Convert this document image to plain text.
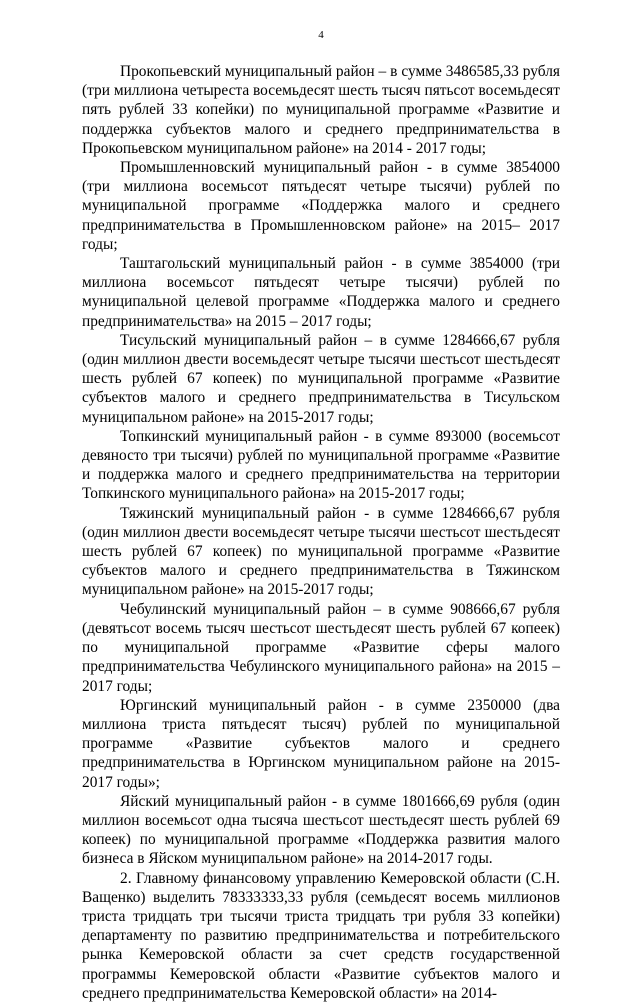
4

Прокопьевский муниципальный район – в сумме 3486585,33 рубля (три миллиона четыреста восемьдесят шесть тысяч пятьсот восемьдесят пять рублей 33 копейки) по муниципальной программе «Развитие и поддержка субъектов малого и среднего предпринимательства в Прокопьевском муниципальном районе» на 2014 - 2017 годы;

Промышленновский муниципальный район - в сумме 3854000 (три миллиона восемьсот пятьдесят четыре тысячи) рублей по муниципальной программе «Поддержка малого и среднего предпринимательства в Промышленновском районе» на 2015– 2017 годы;

Таштагольский муниципальный район - в сумме 3854000 (три миллиона восемьсот пятьдесят четыре тысячи) рублей по муниципальной целевой программе «Поддержка малого и среднего предпринимательства» на 2015 – 2017 годы;

Тисульский муниципальный район – в сумме 1284666,67 рубля (один миллион двести восемьдесят четыре тысячи шестьсот шестьдесят шесть рублей 67 копеек) по муниципальной программе «Развитие субъектов малого и среднего предпринимательства в Тисульском муниципальном районе» на 2015-2017 годы;

Топкинский муниципальный район - в сумме 893000 (восемьсот девяносто три тысячи) рублей по муниципальной программе «Развитие и поддержка малого и среднего предпринимательства на территории Топкинского муниципального района» на 2015-2017 годы;

Тяжинский муниципальный район - в сумме 1284666,67 рубля (один миллион двести восемьдесят четыре тысячи шестьсот шестьдесят шесть рублей 67 копеек) по муниципальной программе «Развитие субъектов малого и среднего предпринимательства в Тяжинском муниципальном районе» на 2015-2017 годы;

Чебулинский муниципальный район – в сумме 908666,67 рубля (девятьсот восемь тысяч шестьсот шестьдесят шесть рублей 67 копеек) по муниципальной программе «Развитие сферы малого предпринимательства Чебулинского муниципального района» на 2015 – 2017 годы;

Юргинский муниципальный район - в сумме 2350000 (два миллиона триста пятьдесят тысяч) рублей по муниципальной программе «Развитие субъектов малого и среднего предпринимательства в Юргинском муниципальном районе на 2015-2017 годы»;

Яйский муниципальный район - в сумме 1801666,69 рубля (один миллион восемьсот одна тысяча шестьсот шестьдесят шесть рублей 69 копеек) по муниципальной программе «Поддержка развития малого бизнеса в Яйском муниципальном районе» на 2014-2017 годы.

2. Главному финансовому управлению Кемеровской области (С.Н. Ващенко) выделить 78333333,33 рубля (семьдесят восемь миллионов триста тридцать три тысячи триста тридцать три рубля 33 копейки) департаменту по развитию предпринимательства и потребительского рынка Кемеровской области за счет средств государственной программы Кемеровской области «Развитие субъектов малого и среднего предпринимательства Кемеровской области» на 2014-
